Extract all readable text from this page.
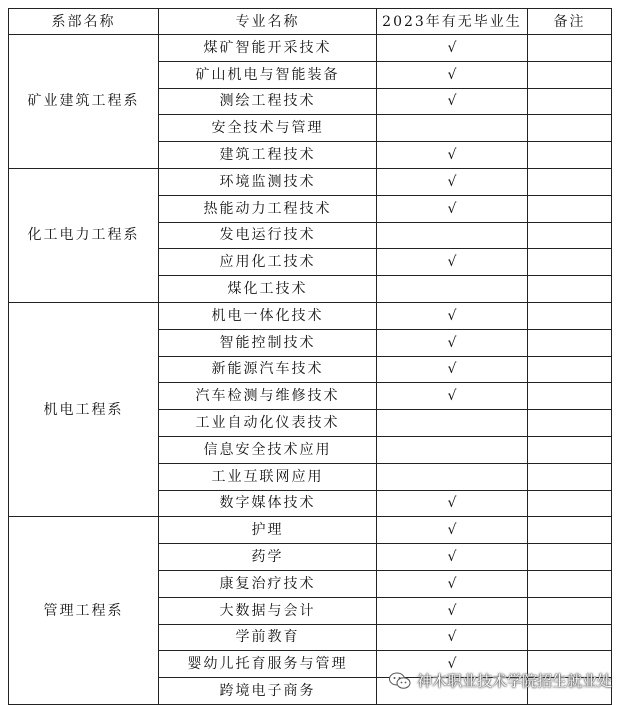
系部名称	专业名称	2023年有无毕业生	备注
矿业建筑工程系	煤矿智能开采技术	√	
	矿山机电与智能装备	√	
	测绘工程技术	√	
	安全技术与管理		
	建筑工程技术	√	
化工电力工程系	环境监测技术	√	
	热能动力工程技术	√	
	发电运行技术		
	应用化工技术	√	
	煤化工技术		
机电工程系	机电一体化技术	√	
	智能控制技术	√	
	新能源汽车技术	√	
	汽车检测与维修技术	√	
	工业自动化仪表技术		
	信息安全技术应用		
	工业互联网应用		
	数字媒体技术	√	
管理工程系	护理	√	
	药学	√	
	康复治疗技术	√	
	大数据与会计	√	
	学前教育	√	
	婴幼儿托育服务与管理	√	
	跨境电子商务		
神木职业技术学院招生就业处
